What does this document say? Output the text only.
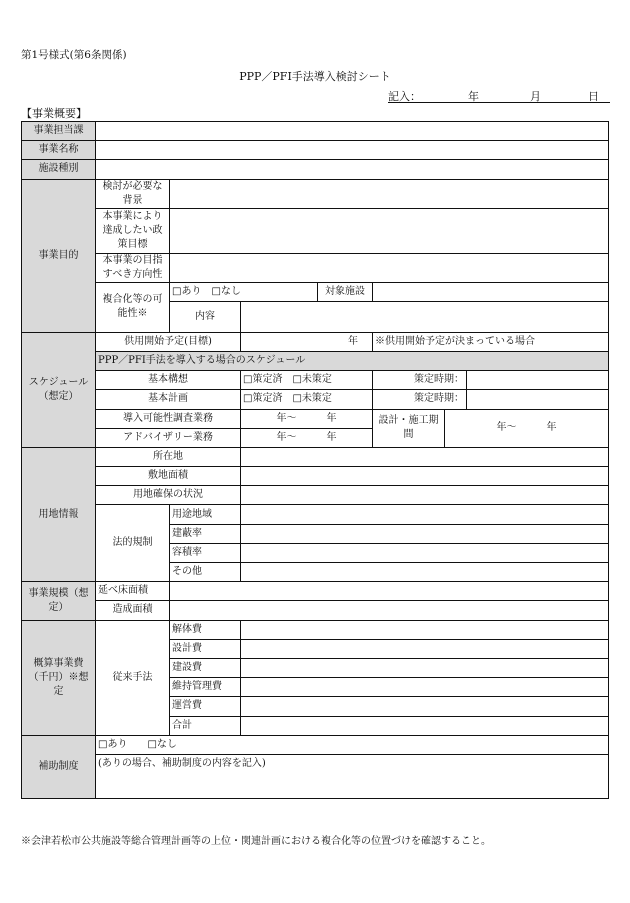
第1号様式(第6条関係)
PPP／PFI手法導入検討シート
記入：	年	月	日
【事業概要】
事業担当課							
事業名称							
施設種別							
事業目的	検討が必要な背景						

	本事業により達成したい政策目標						
	本事業の目指すべき方向性						

	複合化等の可能性※	□あり　□なし		対象施設			
		内容					
スケジュール（想定）	供用開始予定(目標)		年		※供用開始予定が決まっている場合		
	PPP／PFI手法を導入する場合のスケジュール						
	基本構想		□策定済　□未策定		策定時期：		
	基本計画		□策定済　□未策定		策定時期：		
	導入可能性調査業務		年～　　　年		設計・施工期間	年～　　　年	
	アドバイザリー業務		年～　　　年				
用地情報	所在地						
	敷地面積						
	用地確保の状況						
	法的規制	用途地域					
		建蔽率					
		容積率					
		その他					
事業規模（想定）	延べ床面積						
	造成面積						
概算事業費（千円）※想定	従来手法	解体費					
		設計費					
		建設費					
		維持管理費					
		運営費					
		合計					
補助制度	□あり　　□なし						
	(ありの場合、補助制度の内容を記入)						
※会津若松市公共施設等総合管理計画等の上位・関連計画における複合化等の位置づけを確認すること。
